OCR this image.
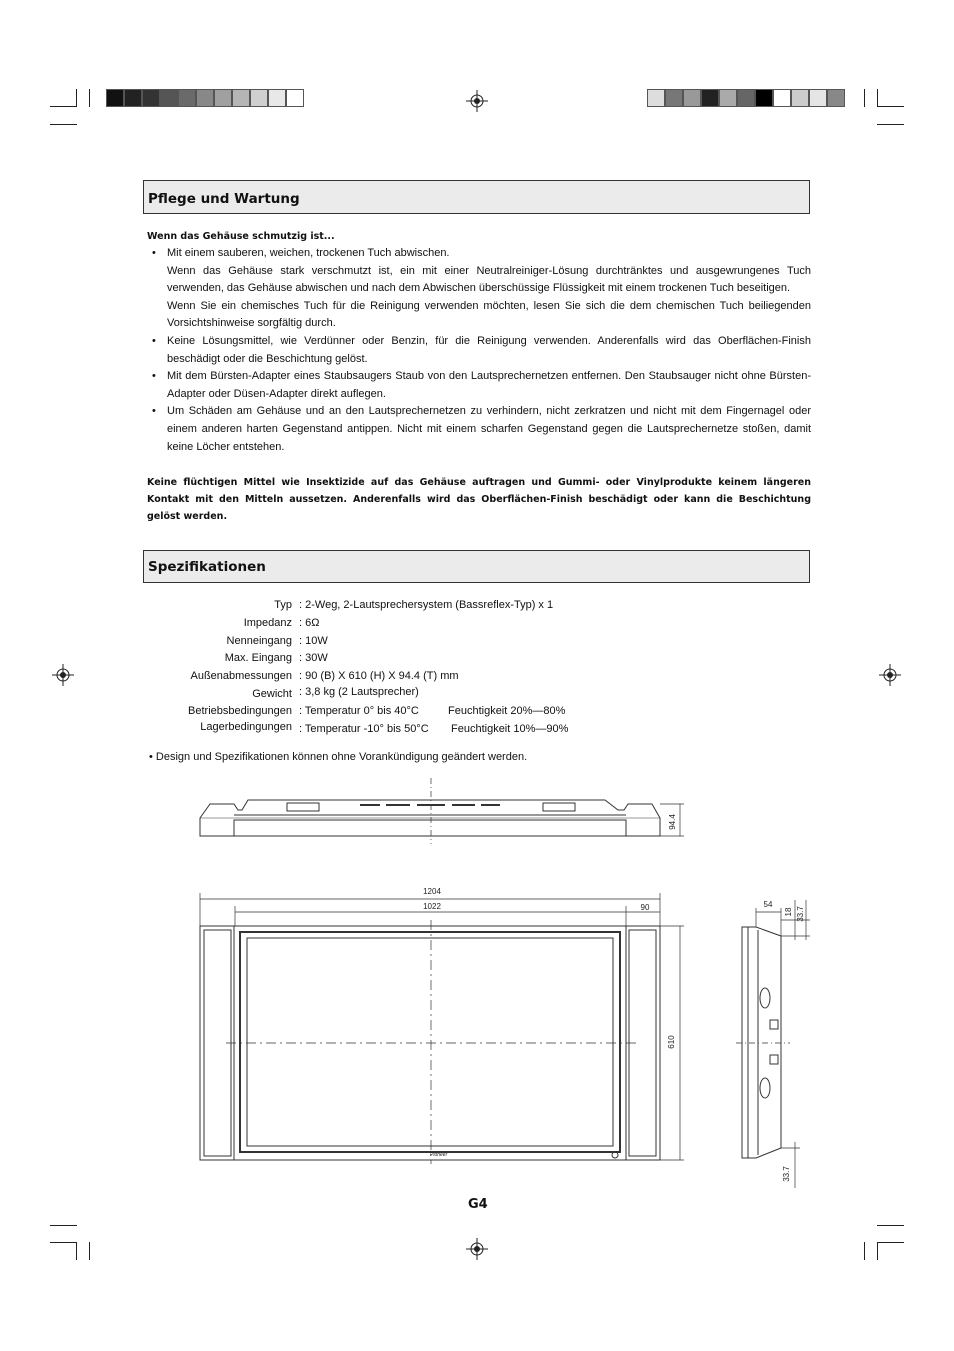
Pflege und Wartung
Wenn das Gehäuse schmutzig ist...
• Mit einem sauberen, weichen, trockenen Tuch abwischen.
Wenn das Gehäuse stark verschmutzt ist, ein mit einer Neutralreiniger-Lösung durchtränktes und ausgewrungenes Tuch verwenden, das Gehäuse abwischen und nach dem Abwischen überschüssige Flüssigkeit mit einem trockenen Tuch beseitigen.
Wenn Sie ein chemisches Tuch für die Reinigung verwenden möchten, lesen Sie sich die dem chemischen Tuch beiliegenden Vorsichtshinweise sorgfältig durch.
• Keine Lösungsmittel, wie Verdünner oder Benzin, für die Reinigung verwenden. Anderenfalls wird das Oberflächen-Finish beschädigt oder die Beschichtung gelöst.
• Mit dem Bürsten-Adapter eines Staubsaugers Staub von den Lautsprechernetzen entfernen. Den Staubsauger nicht ohne Bürsten-Adapter oder Düsen-Adapter direkt auflegen.
• Um Schäden am Gehäuse und an den Lautsprechernetzen zu verhindern, nicht zerkratzen und nicht mit dem Fingernagel oder einem anderen harten Gegenstand antippen. Nicht mit einem scharfen Gegenstand gegen die Lautsprechernetze stoßen, damit keine Löcher entstehen.
Keine flüchtigen Mittel wie Insektizide auf das Gehäuse auftragen und Gummi- oder Vinylprodukte keinem längeren Kontakt mit den Mitteln aussetzen. Anderenfalls wird das Oberflächen-Finish beschädigt oder kann die Beschichtung gelöst werden.
Spezifikationen
Typ : 2-Weg, 2-Lautsprechersystem (Bassreflex-Typ) x 1
Impedanz : 6Ω
Nenneingang : 10W
Max. Eingang : 30W
Außenabmessungen : 90 (B) X 610 (H) X 94.4 (T) mm
Gewicht : 3,8 kg (2 Lautsprecher)
Betriebsbedingungen : Temperatur 0° bis 40°C	Feuchtigkeit 20%—80%
Lagerbedingungen : Temperatur -10° bis 50°C Feuchtigkeit 10%—90%
• Design und Spezifikationen können ohne Vorankündigung geändert werden.
94.4
1204
1022	90
Pioneer
610
54
18 33.7
33.7
G4
